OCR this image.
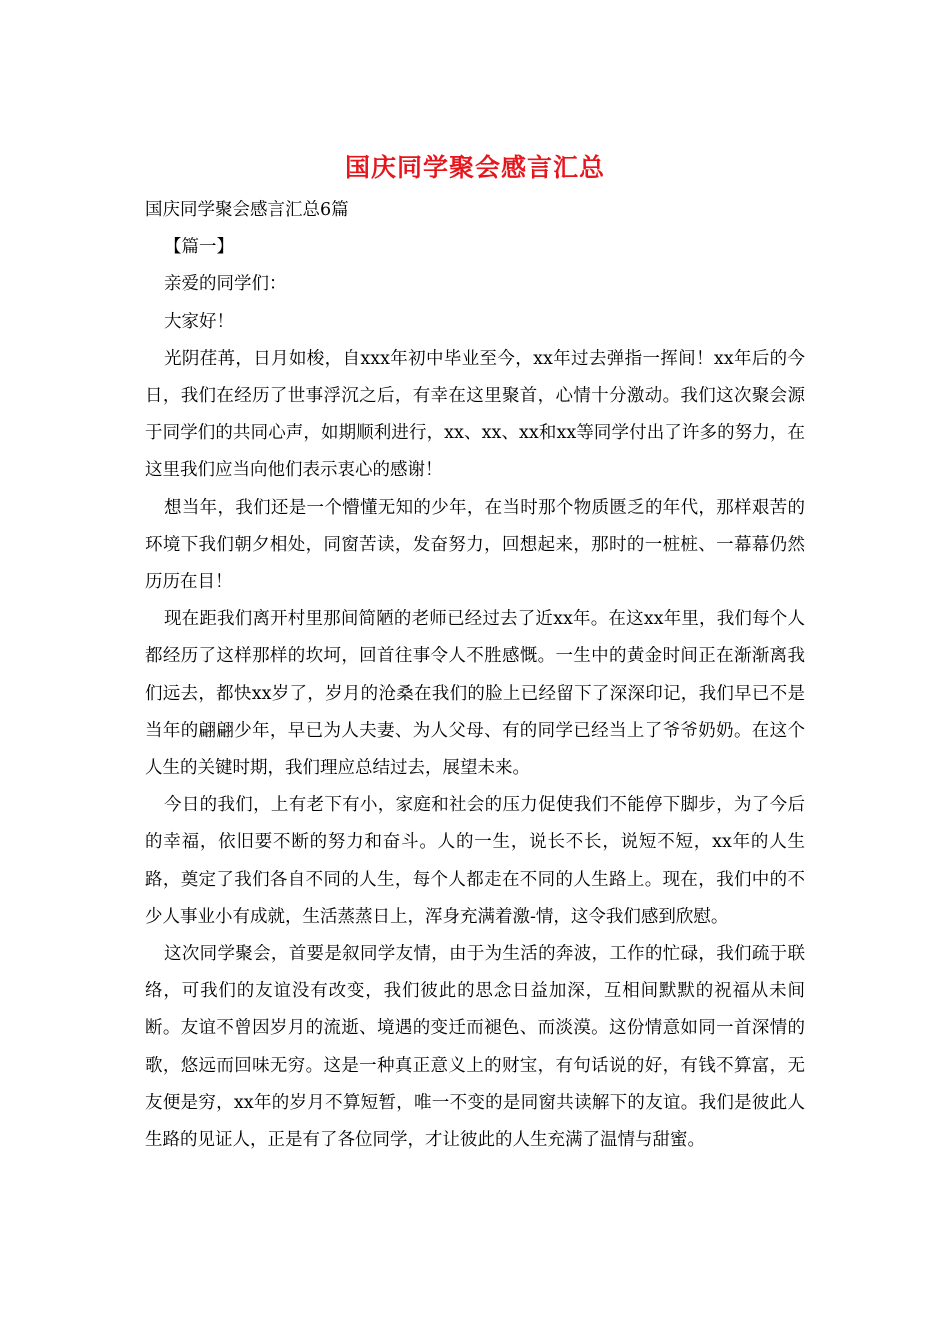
国庆同学聚会感言汇总

国庆同学聚会感言汇总6篇

【篇一】

亲爱的同学们：

大家好！

光阴荏苒，日月如梭，自xxx年初中毕业至今，xx年过去弹指一挥间！xx年后的今日，我们在经历了世事浮沉之后，有幸在这里聚首，心情十分激动。我们这次聚会源于同学们的共同心声，如期顺利进行，xx、xx、xx和xx等同学付出了许多的努力，在这里我们应当向他们表示衷心的感谢！

想当年，我们还是一个懵懂无知的少年，在当时那个物质匮乏的年代，那样艰苦的环境下我们朝夕相处，同窗苦读，发奋努力，回想起来，那时的一桩桩、一幕幕仍然历历在目！

现在距我们离开村里那间简陋的老师已经过去了近xx年。在这xx年里，我们每个人都经历了这样那样的坎坷，回首往事令人不胜感慨。一生中的黄金时间正在渐渐离我们远去，都快xx岁了，岁月的沧桑在我们的脸上已经留下了深深印记，我们早已不是当年的翩翩少年，早已为人夫妻、为人父母、有的同学已经当上了爷爷奶奶。在这个人生的关键时期，我们理应总结过去，展望未来。

今日的我们，上有老下有小，家庭和社会的压力促使我们不能停下脚步，为了今后的幸福，依旧要不断的努力和奋斗。人的一生，说长不长，说短不短，xx年的人生路，奠定了我们各自不同的人生，每个人都走在不同的人生路上。现在，我们中的不少人事业小有成就，生活蒸蒸日上，浑身充满着激-情，这令我们感到欣慰。

这次同学聚会，首要是叙同学友情，由于为生活的奔波，工作的忙碌，我们疏于联络，可我们的友谊没有改变，我们彼此的思念日益加深，互相间默默的祝福从未间断。友谊不曾因岁月的流逝、境遇的变迁而褪色、而淡漠。这份情意如同一首深情的歌，悠远而回味无穷。这是一种真正意义上的财宝，有句话说的好，有钱不算富，无友便是穷，xx年的岁月不算短暂，唯一不变的是同窗共读解下的友谊。我们是彼此人生路的见证人，正是有了各位同学，才让彼此的人生充满了温情与甜蜜。
